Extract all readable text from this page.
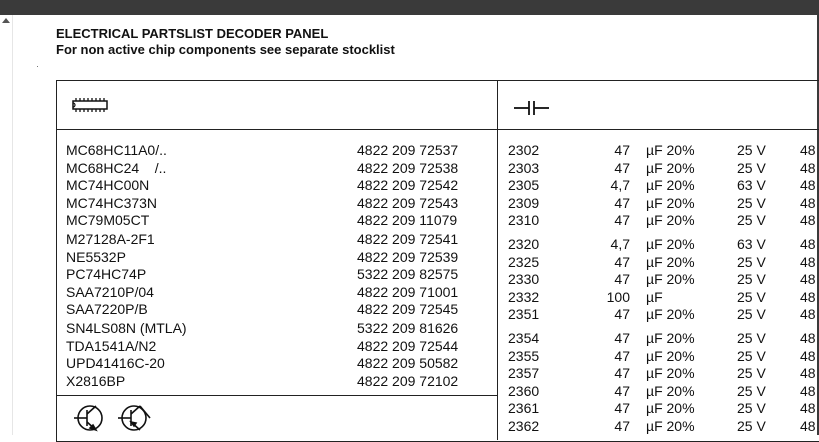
ELECTRICAL PARTSLIST DECODER PANEL
For non active chip components see separate stocklist
MC68HC11A0/..	4822 209 72537
MC68HC24    /..	4822 209 72538
MC74HC00N	4822 209 72542
MC74HC373N	4822 209 72543
MC79M05CT	4822 209 11079
M27128A-2F1	4822 209 72541
NE5532P	4822 209 72539
PC74HC74P	5322 209 82575
SAA7210P/04	4822 209 71001
SAA7220P/B	4822 209 72545
SN4LS08N (MTLA)	5322 209 81626
TDA1541A/N2	4822 209 72544
UPD41416C-20	4822 209 50582
X2816BP	4822 209 72102
2302	47 µF 20%	25 V 48
2303	47 µF 20%	25 V 48
2305	4,7 µF 20%	63 V 48
2309	47 µF 20%	25 V 48
2310	47 µF 20%	25 V 48
2320	4,7 µF 20%	63 V 48
2325	47 µF 20%	25 V 48
2330	47 µF 20%	25 V 48
2332	100 µF	25 V 48
2351	47 µF 20%	25 V 48
2354	47 µF 20%	25 V 48
2355	47 µF 20%	25 V 48
2357	47 µF 20%	25 V 48
2360	47 µF 20%	25 V 48
2361	47 µF 20%	25 V 48
2362	47 µF 20%	25 V 48
